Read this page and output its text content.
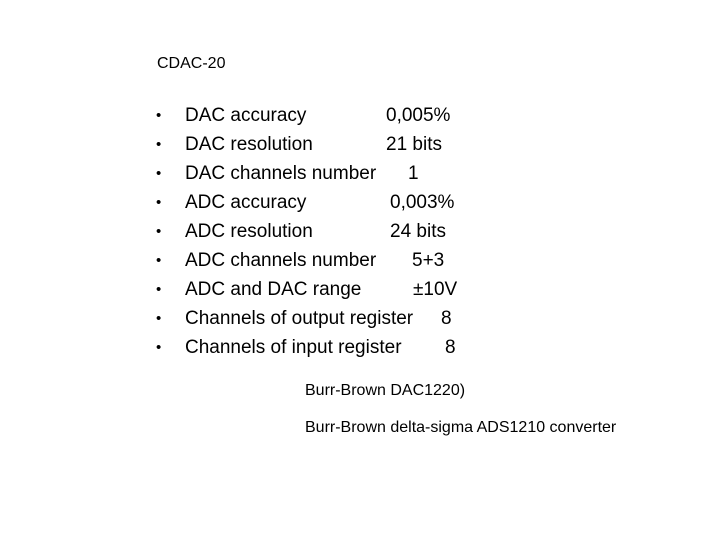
CDAC-20
• DAC accuracy	0,005%
• DAC resolution	21 bits
• DAC channels number 1
• ADC accuracy	0,003%
• ADC resolution	24 bits
• ADC channels number 5+3
• ADC and DAC range	±10V
• Channels of output register 8
• Channels of input register 8
Burr-Brown DAC1220)
Burr-Brown delta-sigma ADS1210 converter
